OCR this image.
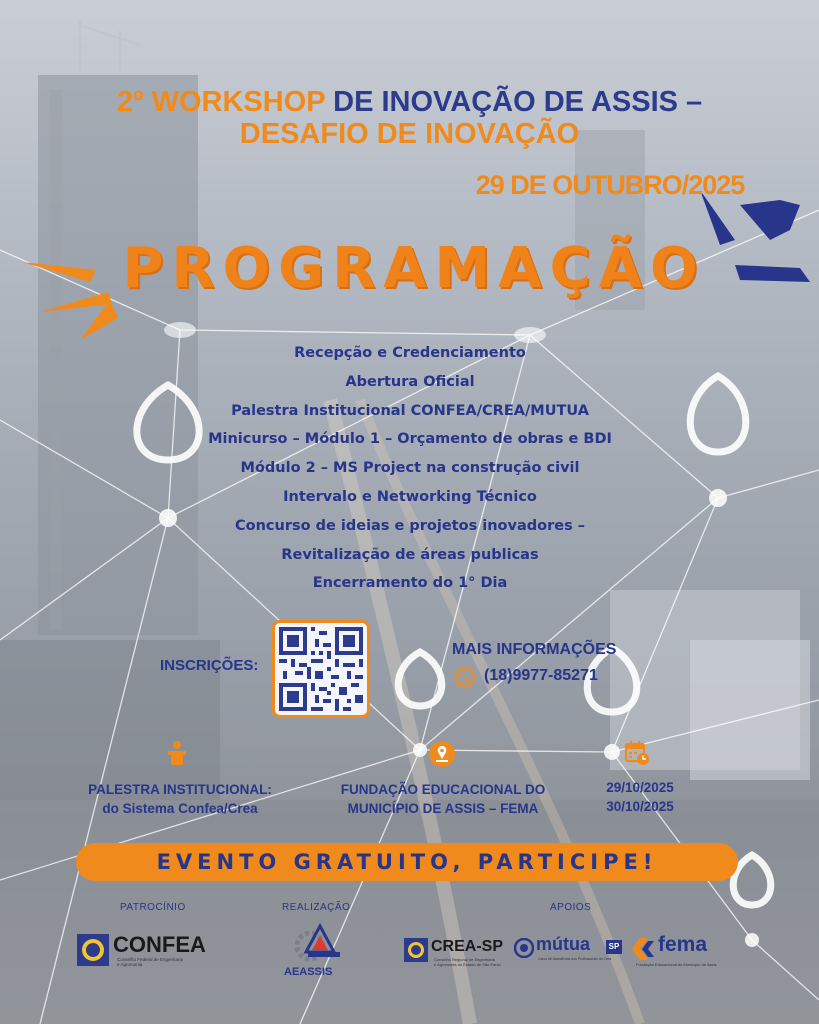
2º WORKSHOP DE INOVAÇÃO DE ASSIS –
DESAFIO DE INOVAÇÃO
29 DE OUTUBRO/2025
PROGRAMAÇÃO
Recepção e Credenciamento
Abertura Oficial
Palestra Institucional CONFEA/CREA/MUTUA
Minicurso – Módulo 1 – Orçamento de obras e BDI
Módulo 2 – MS Project na construção civil
Intervalo e Networking Técnico
Concurso de ideias e projetos inovadores –
Revitalização de áreas publicas
Encerramento do 1° Dia
INSCRIÇÕES:
MAIS INFORMAÇÕES
(18)9977-85271
PALESTRA INSTITUCIONAL:
do Sistema Confea/Crea
FUNDAÇÃO EDUCACIONAL DO
MUNICÍPIO DE ASSIS – FEMA
29/10/2025
30/10/2025
EVENTO GRATUITO, PARTICIPE!
PATROCÍNIO	REALIZAÇÃO	APOIOS
CONFEA
Conselho Federal de Engenharia
e Agronomia
AEASSIS
CREA-SP
Conselho Regional de Engenharia
e Agronomia do Estado de São Paulo
mútua	SP
Caixa de Assistência dos Profissionais do Crea
fema
Fundação Educacional do Município de Assis
